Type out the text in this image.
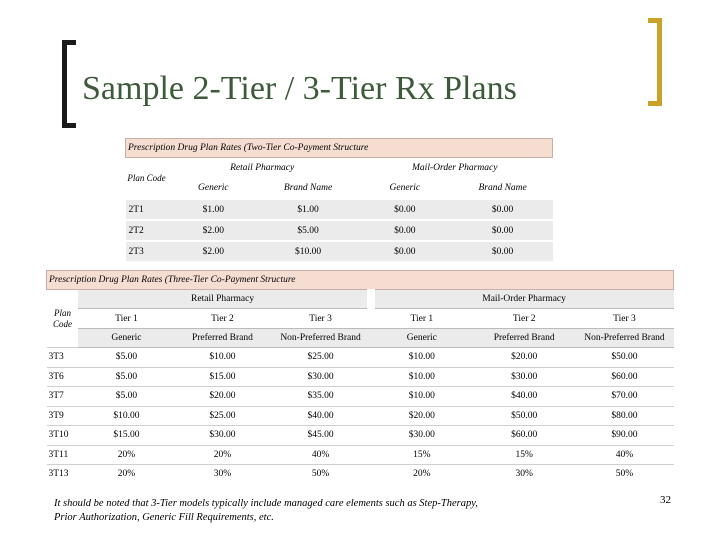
Sample 2-Tier / 3-Tier Rx Plans
Prescription Drug Plan Rates (Two-Tier Co-Payment Structure				
Plan Code	Retail Pharmacy		Mail-Order Pharmacy	
	Generic	Brand Name	Generic	Brand Name
2T1	$1.00	$1.00	$0.00	$0.00
2T2	$2.00	$5.00	$0.00	$0.00
2T3	$2.00	$10.00	$0.00	$0.00
Prescription Drug Plan Rates (Three-Tier Co-Payment Structure						
Plan Code	Retail Pharmacy			Mail-Order Pharmacy		
	Tier 1	Tier 2	Tier 3	Tier 1	Tier 2	Tier 3
	Generic	Preferred Brand	Non-Preferred Brand	Generic	Preferred Brand	Non-Preferred Brand
3T3	$5.00	$10.00	$25.00	$10.00	$20.00	$50.00
3T6	$5.00	$15.00	$30.00	$10.00	$30.00	$60.00
3T7	$5.00	$20.00	$35.00	$10.00	$40.00	$70.00
3T9	$10.00	$25.00	$40.00	$20.00	$50.00	$80.00
3T10	$15.00	$30.00	$45.00	$30.00	$60.00	$90.00
3T11	20%	20%	40%	15%	15%	40%
3T13	20%	30%	50%	20%	30%	50%
It should be noted that 3-Tier models typically include managed care elements such as Step-Therapy, Prior Authorization, Generic Fill Requirements, etc.
32
